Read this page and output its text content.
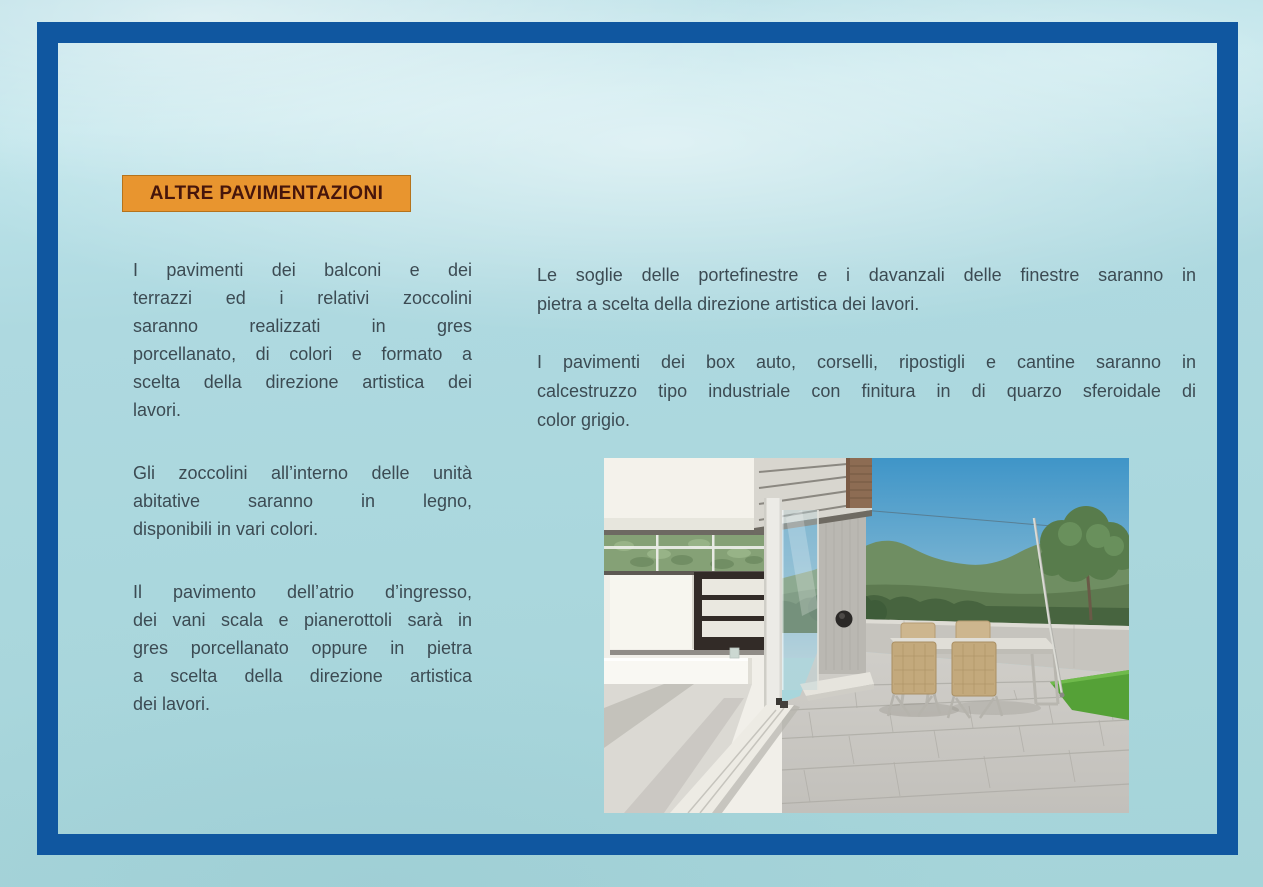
ALTRE PAVIMENTAZIONI
I pavimenti dei balconi e dei
terrazzi ed i relativi zoccolini
saranno realizzati in gres
porcellanato, di colori e formato a
scelta della direzione artistica dei
lavori.
Gli zoccolini all’interno delle unità
abitative saranno in legno,
disponibili in vari colori.
Il pavimento dell’atrio d’ingresso,
dei vani scala e pianerottoli sarà in
gres porcellanato oppure in pietra
a scelta della direzione artistica
dei lavori.
Le soglie delle portefinestre e i davanzali delle finestre saranno in
pietra a scelta della direzione artistica dei lavori.
I pavimenti dei box auto, corselli, ripostigli e cantine saranno in
calcestruzzo tipo industriale con finitura in di quarzo sferoidale di
color grigio.
